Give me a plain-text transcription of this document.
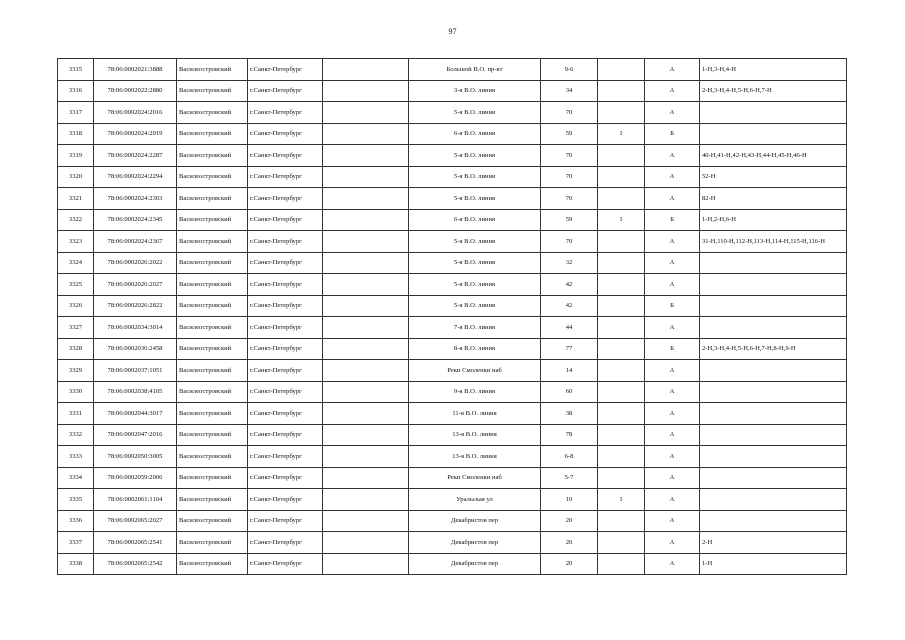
97
3315	78:06:0002021:3888	Василеостровский	г.Санкт-Петербург		Большой В.О. пр-кт	9-6		А	1-Н,3-Н,4-Н
3316	78:06:0002022:2880	Василеостровский	г.Санкт-Петербург		3-я В.О. линия	34		А	2-Н,3-Н,4-Н,5-Н,6-Н,7-Н
3317	78:06:0002024:2016	Василеостровский	г.Санкт-Петербург		5-я В.О. линия	70		А	
3318	78:06:0002024:2019	Василеостровский	г.Санкт-Петербург		6-я В.О. линия	59	1	Б	
3319	78:06:0002024:2287	Василеостровский	г.Санкт-Петербург		5-я В.О. линия	70		А	40-Н,41-Н,42-Н,43-Н,44-Н,45-Н,46-Н
3320	78:06:0002024:2294	Василеостровский	г.Санкт-Петербург		5-я В.О. линия	70		А	52-Н
3321	78:06:0002024:2303	Василеостровский	г.Санкт-Петербург		5-я В.О. линия	70		А	82-Н
3322	78:06:0002024:2345	Василеостровский	г.Санкт-Петербург		6-я В.О. линия	59	1	Б	1-Н,2-Н,6-Н
3323	78:06:0002024:2367	Василеостровский	г.Санкт-Петербург		5-я В.О. линия	70		А	31-Н,110-Н,112-Н,113-Н,114-Н,115-Н,116-Н
3324	78:06:0002026:2022	Василеостровский	г.Санкт-Петербург		5-я В.О. линия	32		А	
3325	78:06:0002026:2027	Василеостровский	г.Санкт-Петербург		5-я В.О. линия	42		А	
3326	78:06:0002026:2822	Василеостровский	г.Санкт-Петербург		5-я В.О. линия	42		Б	
3327	78:06:0002034:3014	Василеостровский	г.Санкт-Петербург		7-я В.О. линия	44		А	
3328	78:06:0002036:2458	Василеостровский	г.Санкт-Петербург		8-я В.О. линия	77		Б	2-Н,3-Н,4-Н,5-Н,6-Н,7-Н,8-Н,9-Н
3329	78:06:0002037:1051	Василеостровский	г.Санкт-Петербург		Реки Смоленки наб	14		А	
3330	78:06:0002038:4105	Василеостровский	г.Санкт-Петербург		9-я В.О. линия	60		А	
3331	78:06:0002044:3017	Василеостровский	г.Санкт-Петербург		11-я В.О. линия	38		А	
3332	78:06:0002047:2016	Василеостровский	г.Санкт-Петербург		13-я В.О. линия	78		А	
3333	78:06:0002050:3005	Василеостровский	г.Санкт-Петербург		13-я В.О. линия	6-8		А	
3334	78:06:0002059:2006	Василеостровский	г.Санкт-Петербург		Реки Смоленки наб	5-7		А	
3335	78:06:0002061:1104	Василеостровский	г.Санкт-Петербург		Уральская ул	10	1	А	
3336	78:06:0002065:2027	Василеостровский	г.Санкт-Петербург		Декабристов пер	20		А	
3337	78:06:0002065:2541	Василеостровский	г.Санкт-Петербург		Декабристов пер	20		А	2-Н
3338	78:06:0002065:2542	Василеостровский	г.Санкт-Петербург		Декабристов пер	20		А	1-Н
